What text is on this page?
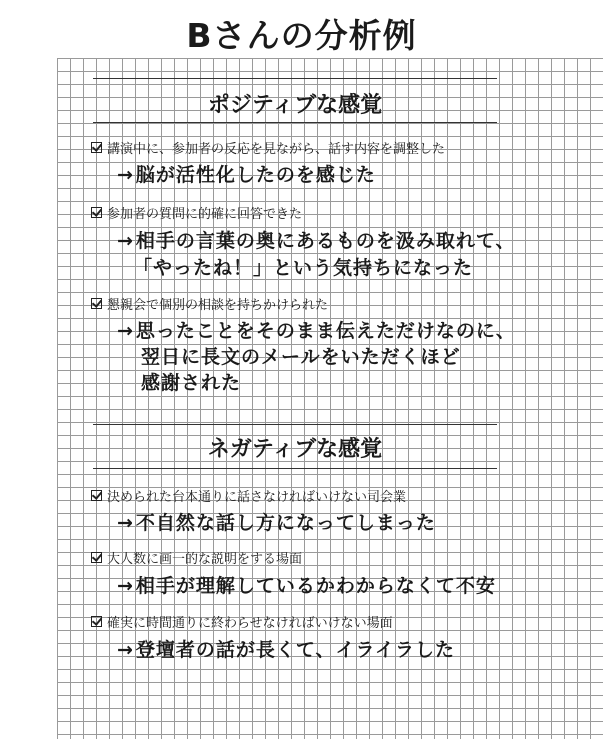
Bさんの分析例
ポジティブな感覚
講演中に、参加者の反応を見ながら、話す内容を調整した
→ 脳が活性化したのを感じた
参加者の質問に的確に回答できた
→ 相手の言葉の奥にあるものを汲み取れて、
「やったね！」という気持ちになった
懇親会で個別の相談を持ちかけられた
→ 思ったことをそのまま伝えただけなのに、
翌日に長文のメールをいただくほど
感謝された
ネガティブな感覚
決められた台本通りに話さなければいけない司会業
→ 不自然な話し方になってしまった
大人数に画一的な説明をする場面
→ 相手が理解しているかわからなくて不安
確実に時間通りに終わらせなければいけない場面
→ 登壇者の話が長くて、イライラした
